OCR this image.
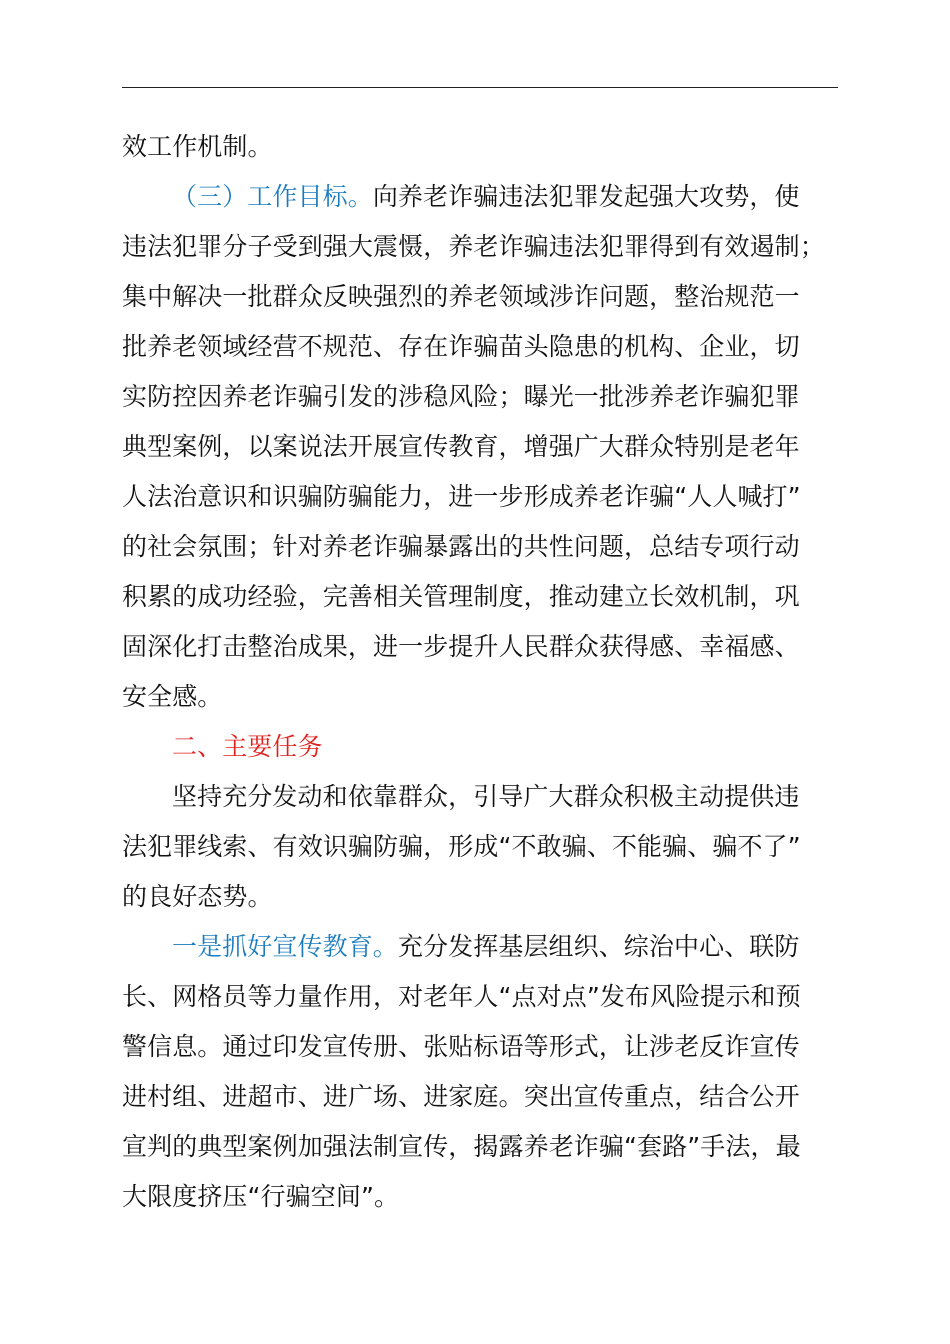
效工作机制。
（三）工作目标。向养老诈骗违法犯罪发起强大攻势，使
违法犯罪分子受到强大震慑，养老诈骗违法犯罪得到有效遏制；
集中解决一批群众反映强烈的养老领域涉诈问题，整治规范一
批养老领域经营不规范、存在诈骗苗头隐患的机构、企业，切
实防控因养老诈骗引发的涉稳风险；曝光一批涉养老诈骗犯罪
典型案例，以案说法开展宣传教育，增强广大群众特别是老年
人法治意识和识骗防骗能力，进一步形成养老诈骗“人人喊打”
的社会氛围；针对养老诈骗暴露出的共性问题，总结专项行动
积累的成功经验，完善相关管理制度，推动建立长效机制，巩
固深化打击整治成果，进一步提升人民群众获得感、幸福感、
安全感。
二、主要任务
坚持充分发动和依靠群众，引导广大群众积极主动提供违
法犯罪线索、有效识骗防骗，形成“不敢骗、不能骗、骗不了”
的良好态势。
一是抓好宣传教育。充分发挥基层组织、综治中心、联防
长、网格员等力量作用，对老年人“点对点”发布风险提示和预
警信息。通过印发宣传册、张贴标语等形式，让涉老反诈宣传
进村组、进超市、进广场、进家庭。突出宣传重点，结合公开
宣判的典型案例加强法制宣传，揭露养老诈骗“套路”手法，最
大限度挤压“行骗空间”。
